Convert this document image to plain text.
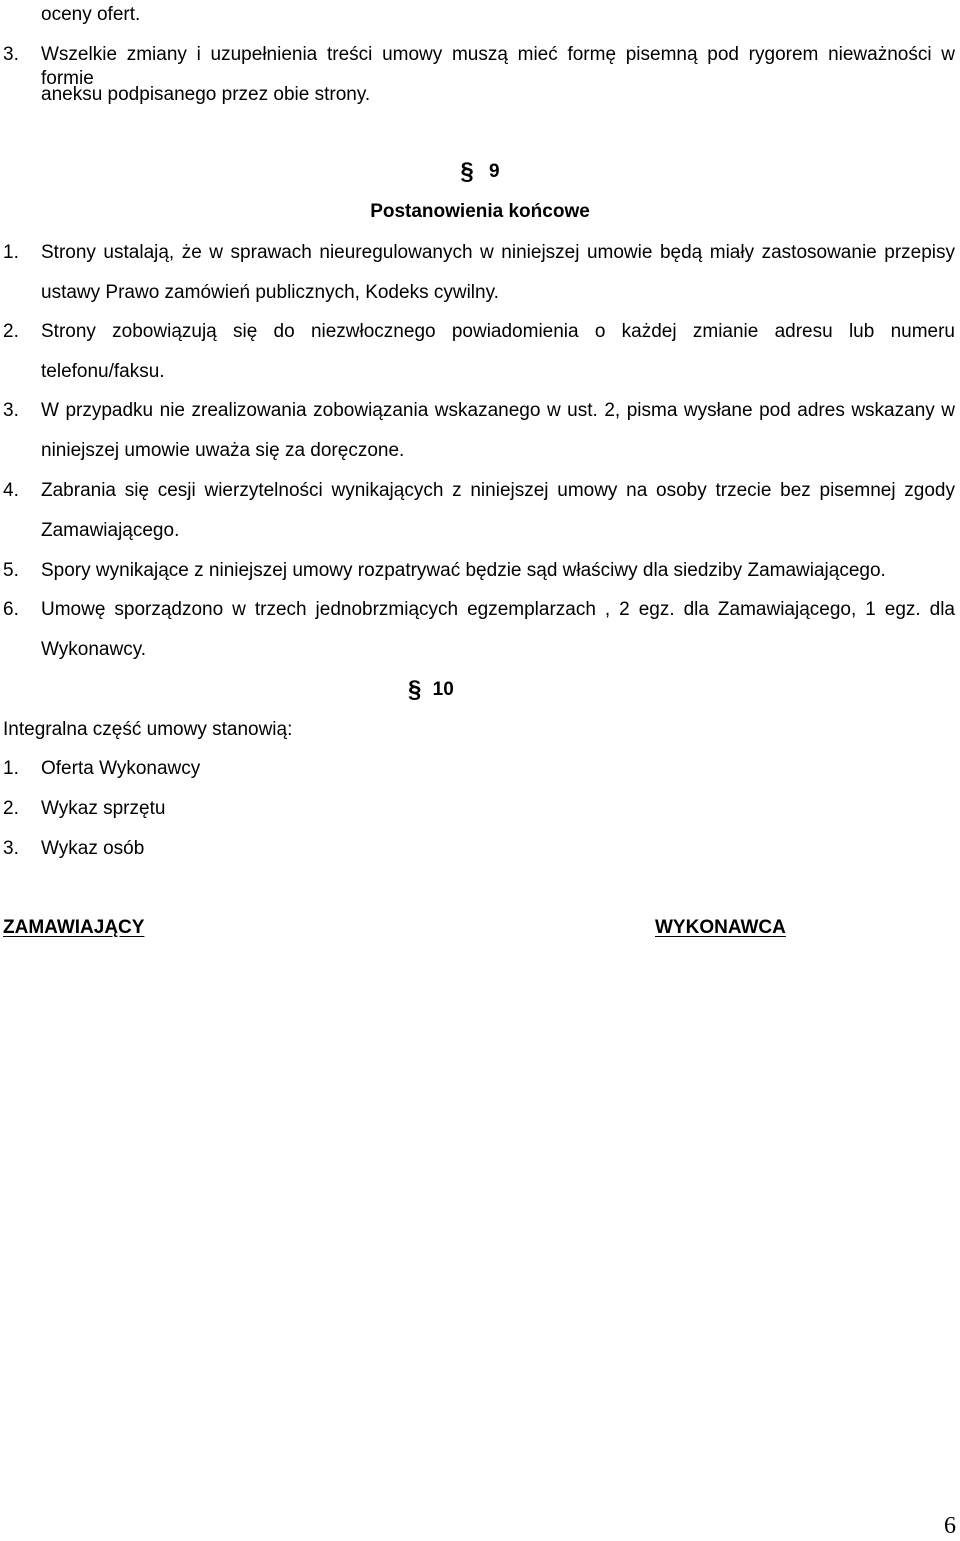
oceny ofert.
3. Wszelkie zmiany i uzupełnienia treści umowy muszą mieć formę pisemną pod rygorem nieważności w formie
aneksu podpisanego przez obie strony.
§ 9
Postanowienia końcowe
1. Strony ustalają, że w sprawach nieuregulowanych w niniejszej umowie będą miały zastosowanie przepisy
ustawy Prawo zamówień publicznych, Kodeks cywilny.
2. Strony zobowiązują się do niezwłocznego powiadomienia o każdej zmianie adresu lub numeru
telefonu/faksu.
3. W przypadku nie zrealizowania zobowiązania wskazanego w ust. 2, pisma wysłane pod adres wskazany w
niniejszej umowie uważa się za doręczone.
4. Zabrania się cesji wierzytelności wynikających z niniejszej umowy na osoby trzecie bez pisemnej zgody
Zamawiającego.
5. Spory wynikające z niniejszej umowy rozpatrywać będzie sąd właściwy dla siedziby Zamawiającego.
6. Umowę sporządzono w trzech jednobrzmiących egzemplarzach , 2 egz. dla Zamawiającego, 1 egz. dla
Wykonawcy.
§ 10
Integralna część umowy stanowią:
1. Oferta Wykonawcy
2. Wykaz sprzętu
3. Wykaz osób
ZAMAWIAJĄCY	WYKONAWCA
6
